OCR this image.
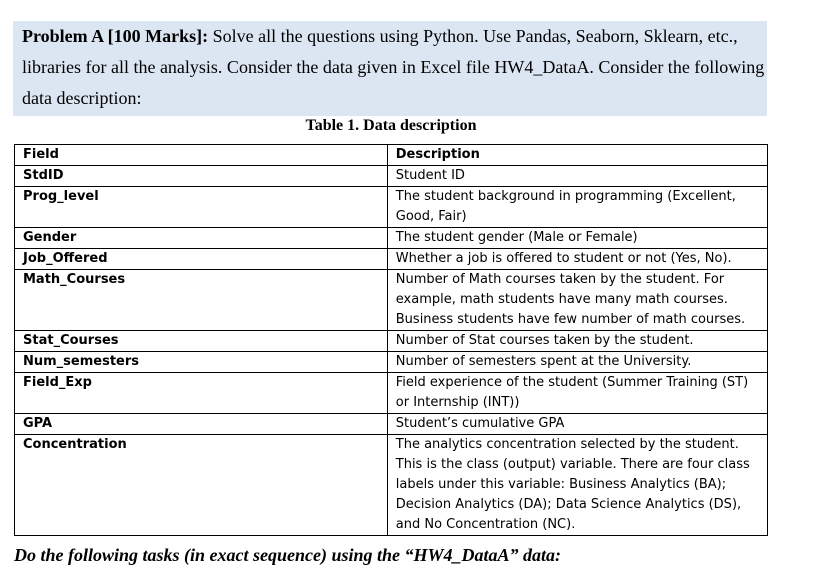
Problem A [100 Marks]: Solve all the questions using Python. Use Pandas, Seaborn, Sklearn, etc., libraries for all the analysis. Consider the data given in Excel file HW4_DataA. Consider the following data description:

Table 1. Data description
Field	Description
StdID	Student ID
Prog_level	The student background in programming (Excellent, Good, Fair)
Gender	The student gender (Male or Female)
Job_Offered	Whether a job is offered to student or not (Yes, No).
Math_Courses	Number of Math courses taken by the student. For example, math students have many math courses. Business students have few number of math courses.
Stat_Courses	Number of Stat courses taken by the student.
Num_semesters	Number of semesters spent at the University.
Field_Exp	Field experience of the student (Summer Training (ST) or Internship (INT))
GPA	Student’s cumulative GPA
Concentration	The analytics concentration selected by the student. This is the class (output) variable. There are four class labels under this variable: Business Analytics (BA); Decision Analytics (DA); Data Science Analytics (DS), and No Concentration (NC).
Do the following tasks (in exact sequence) using the “HW4_DataA” data:
